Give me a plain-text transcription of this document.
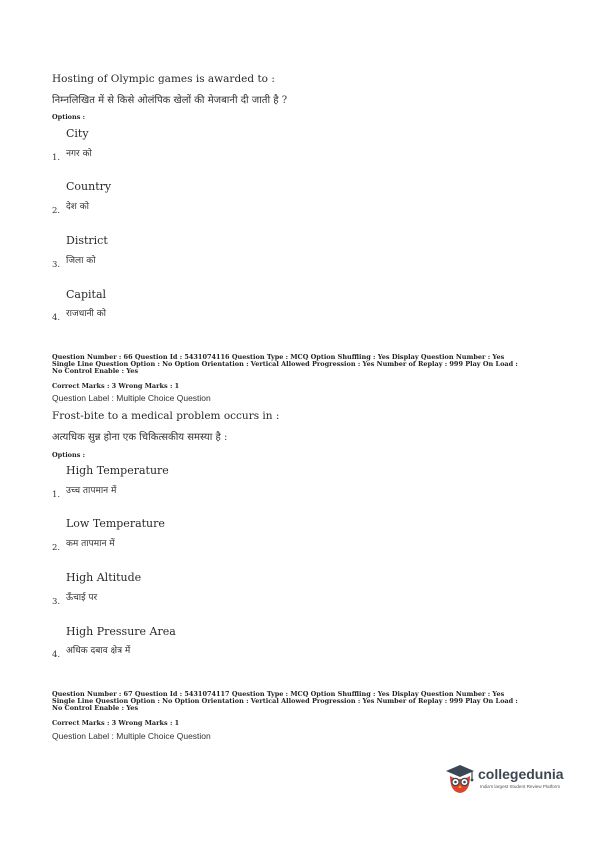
Hosting of Olympic games is awarded to :
निम्नलिखित में से किसे ओलंपिक खेलों की मेजबानी दी जाती है ?
Options :
City
नगर को
1.
Country
देश को
2.
District
जिला को
3.
Capital
राजधानी को
4.
Question Number : 66 Question Id : 5431074116 Question Type : MCQ Option Shuffling : Yes Display Question Number : Yes
Single Line Question Option : No Option Orientation : Vertical Allowed Progression : Yes Number of Replay : 999 Play On Load :
No Control Enable : Yes
Correct Marks : 3 Wrong Marks : 1
Question Label : Multiple Choice Question
Frost-bite to a medical problem occurs in :
अत्यधिक सुन्न होना एक चिकित्सकीय समस्या है :
Options :
High Temperature
उच्च तापमान में
1.
Low Temperature
कम तापमान में
2.
High Altitude
ऊँचाई पर
3.
High Pressure Area
अधिक दबाव क्षेत्र में
4.
Question Number : 67 Question Id : 5431074117 Question Type : MCQ Option Shuffling : Yes Display Question Number : Yes
Single Line Question Option : No Option Orientation : Vertical Allowed Progression : Yes Number of Replay : 999 Play On Load :
No Control Enable : Yes
Correct Marks : 3 Wrong Marks : 1
Question Label : Multiple Choice Question
collegedunia
India's largest Student Review Platform
